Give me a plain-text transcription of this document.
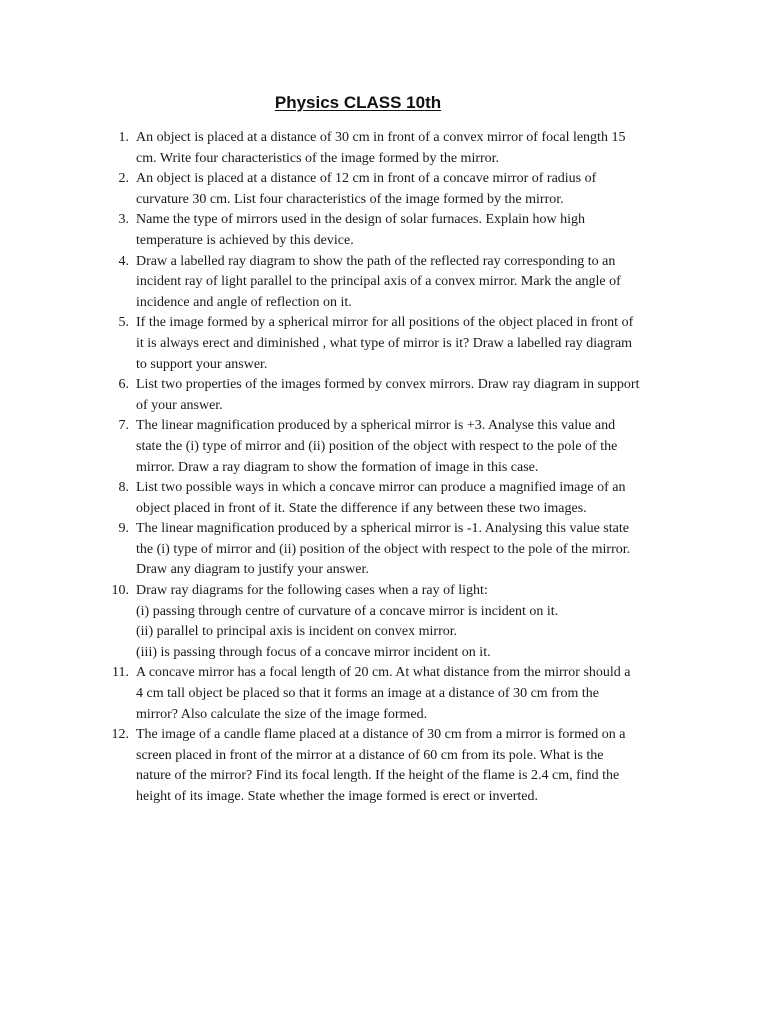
Physics CLASS 10th
1. An object is placed at a distance of 30 cm in front of a convex mirror of focal length 15
cm. Write four characteristics of the image formed by the mirror.
2. An object is placed at a distance of 12 cm in front of a concave mirror of radius of
curvature 30 cm. List four characteristics of the image formed by the mirror.
3. Name the type of mirrors used in the design of solar furnaces. Explain how high
temperature is achieved by this device.
4. Draw a labelled ray diagram to show the path of the reflected ray corresponding to an
incident ray of light parallel to the principal axis of a convex mirror. Mark the angle of
incidence and angle of reflection on it.
5. If the image formed by a spherical mirror for all positions of the object placed in front of
it is always erect and diminished , what type of mirror is it? Draw a labelled ray diagram
to support your answer.
6. List two properties of the images formed by convex mirrors. Draw ray diagram in support
of your answer.
7. The linear magnification produced by a spherical mirror is +3. Analyse this value and
state the (i) type of mirror and (ii) position of the object with respect to the pole of the
mirror. Draw a ray diagram to show the formation of image in this case.
8. List two possible ways in which a concave mirror can produce a magnified image of an
object placed in front of it. State the difference if any between these two images.
9. The linear magnification produced by a spherical mirror is -1. Analysing this value state
the (i) type of mirror and (ii) position of the object with respect to the pole of the mirror.
Draw any diagram to justify your answer.
10. Draw ray diagrams for the following cases when a ray of light:
(i) passing through centre of curvature of a concave mirror is incident on it.
(ii) parallel to principal axis is incident on convex mirror.
(iii) is passing through focus of a concave mirror incident on it.
11. A concave mirror has a focal length of 20 cm. At what distance from the mirror should a
4 cm tall object be placed so that it forms an image at a distance of 30 cm from the
mirror? Also calculate the size of the image formed.
12. The image of a candle flame placed at a distance of 30 cm from a mirror is formed on a
screen placed in front of the mirror at a distance of 60 cm from its pole. What is the
nature of the mirror? Find its focal length. If the height of the flame is 2.4 cm, find the
height of its image. State whether the image formed is erect or inverted.
